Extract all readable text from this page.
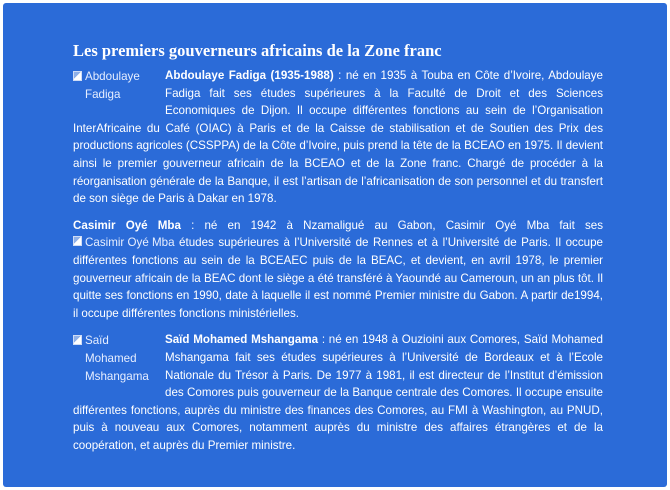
Les premiers gouverneurs africains de la Zone franc

Abdoulaye Fadiga
Abdoulaye Fadiga (1935-1988) : né en 1935 à Touba en Côte d’Ivoire, Abdoulaye Fadiga fait ses études supérieures à la Faculté de Droit et des Sciences Economiques de Dijon. Il occupe différentes fonctions au sein de l’Organisation InterAfricaine du Café (OIAC) à Paris et de la Caisse de stabilisation et de Soutien des Prix des productions agricoles (CSSPPA) de la Côte d’Ivoire, puis prend la tête de la BCEAO en 1975. Il devient ainsi le premier gouverneur africain de la BCEAO et de la Zone franc. Chargé de procéder à la réorganisation générale de la Banque, il est l’artisan de l’africanisation de son personnel et du transfert de son siège de Paris à Dakar en 1978.

Casimir Oyé Mba : né en 1942 à Nzamaligué au Gabon, Casimir Oyé Mba fait ses
Casimir Oyé Mba études supérieures à l’Université de Rennes et à l’Université de Paris. Il occupe différentes fonctions au sein de la BCEAEC puis de la BEAC, et devient, en avril 1978, le premier gouverneur africain de la BEAC dont le siège a été transféré à Yaoundé au Cameroun, un an plus tôt. Il quitte ses fonctions en 1990, date à laquelle il est nommé Premier ministre du Gabon. A partir de1994, il occupe différentes fonctions ministérielles.

Saïd Mohamed Mshangama
Saïd Mohamed Mshangama : né en 1948 à Ouzioini aux Comores, Saïd Mohamed Mshangama fait ses études supérieures à l’Université de Bordeaux et à l’Ecole Nationale du Trésor à Paris. De 1977 à 1981, il est directeur de l’Institut d’émission des Comores puis gouverneur de la Banque centrale des Comores. Il occupe ensuite différentes fonctions, auprès du ministre des finances des Comores, au FMI à Washington, au PNUD, puis à nouveau aux Comores, notamment auprès du ministre des affaires étrangères et de la coopération, et auprès du Premier ministre.
